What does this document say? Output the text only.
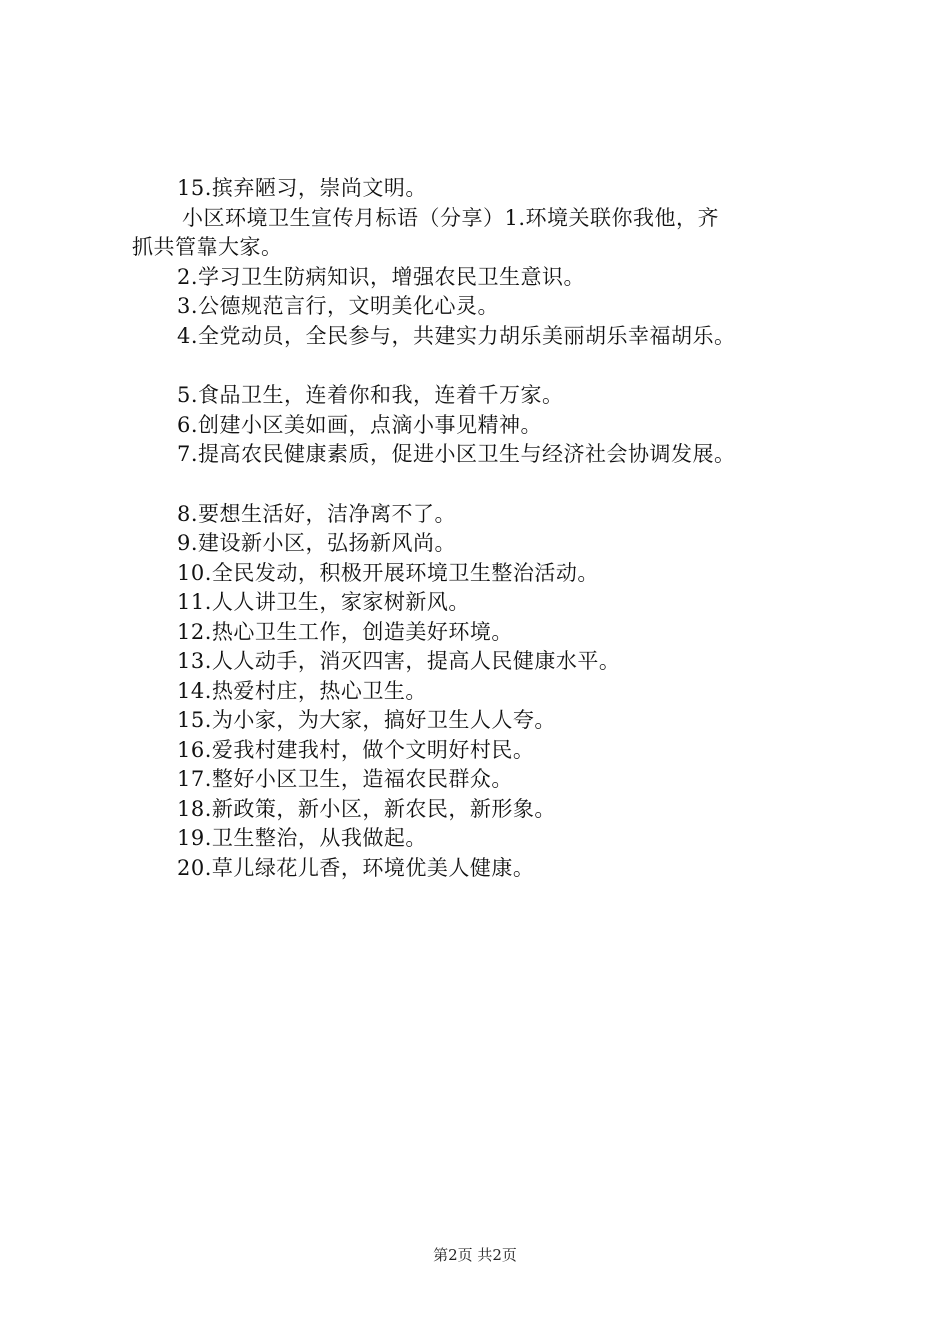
15.摈弃陋习，崇尚文明。
小区环境卫生宣传月标语（分享）1.环境关联你我他，齐
抓共管靠大家。
2.学习卫生防病知识，增强农民卫生意识。
3.公德规范言行，文明美化心灵。
4.全党动员，全民参与，共建实力胡乐美丽胡乐幸福胡乐。
5.食品卫生，连着你和我，连着千万家。
6.创建小区美如画，点滴小事见精神。
7.提高农民健康素质，促进小区卫生与经济社会协调发展。
8.要想生活好，洁净离不了。
9.建设新小区，弘扬新风尚。
10.全民发动，积极开展环境卫生整治活动。
11.人人讲卫生，家家树新风。
12.热心卫生工作，创造美好环境。
13.人人动手，消灭四害，提高人民健康水平。
14.热爱村庄，热心卫生。
15.为小家，为大家，搞好卫生人人夸。
16.爱我村建我村，做个文明好村民。
17.整好小区卫生，造福农民群众。
18.新政策，新小区，新农民，新形象。
19.卫生整治，从我做起。
20.草儿绿花儿香，环境优美人健康。
第2页 共2页
